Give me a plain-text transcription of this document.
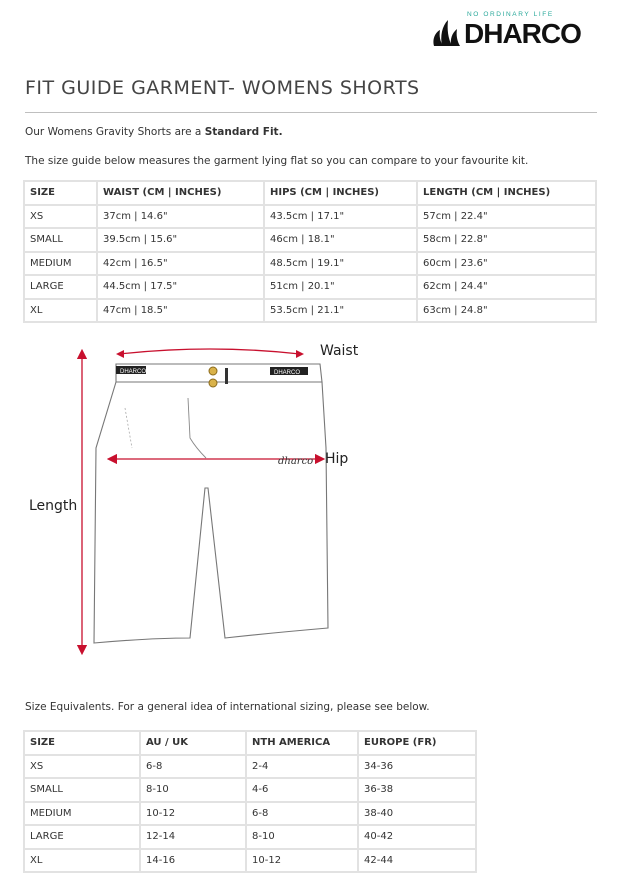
NO ORDINARY LIFE
DHARCO
FIT GUIDE GARMENT- WOMENS SHORTS
Our Womens Gravity Shorts are a Standard Fit.
The size guide below measures the garment lying flat so you can compare to your favourite kit.
SIZE	WAIST (CM | INCHES)	HIPS (CM | INCHES)	LENGTH (CM | INCHES)
XS	37cm | 14.6"	43.5cm | 17.1"	57cm | 22.4"
SMALL	39.5cm | 15.6"	46cm | 18.1"	58cm | 22.8"
MEDIUM	42cm | 16.5"	48.5cm | 19.1"	60cm | 23.6"
LARGE	44.5cm | 17.5"	51cm | 20.1"	62cm | 24.4"
XL	47cm | 18.5"	53.5cm | 21.1"	63cm | 24.8"
DHARCO	DHARCO
dharco
Waist
Hip
Length
Size Equivalents. For a general idea of international sizing, please see below.
SIZE	AU / UK	NTH AMERICA	EUROPE (FR)
XS	6-8	2-4	34-36
SMALL	8-10	4-6	36-38
MEDIUM	10-12	6-8	38-40
LARGE	12-14	8-10	40-42
XL	14-16	10-12	42-44
